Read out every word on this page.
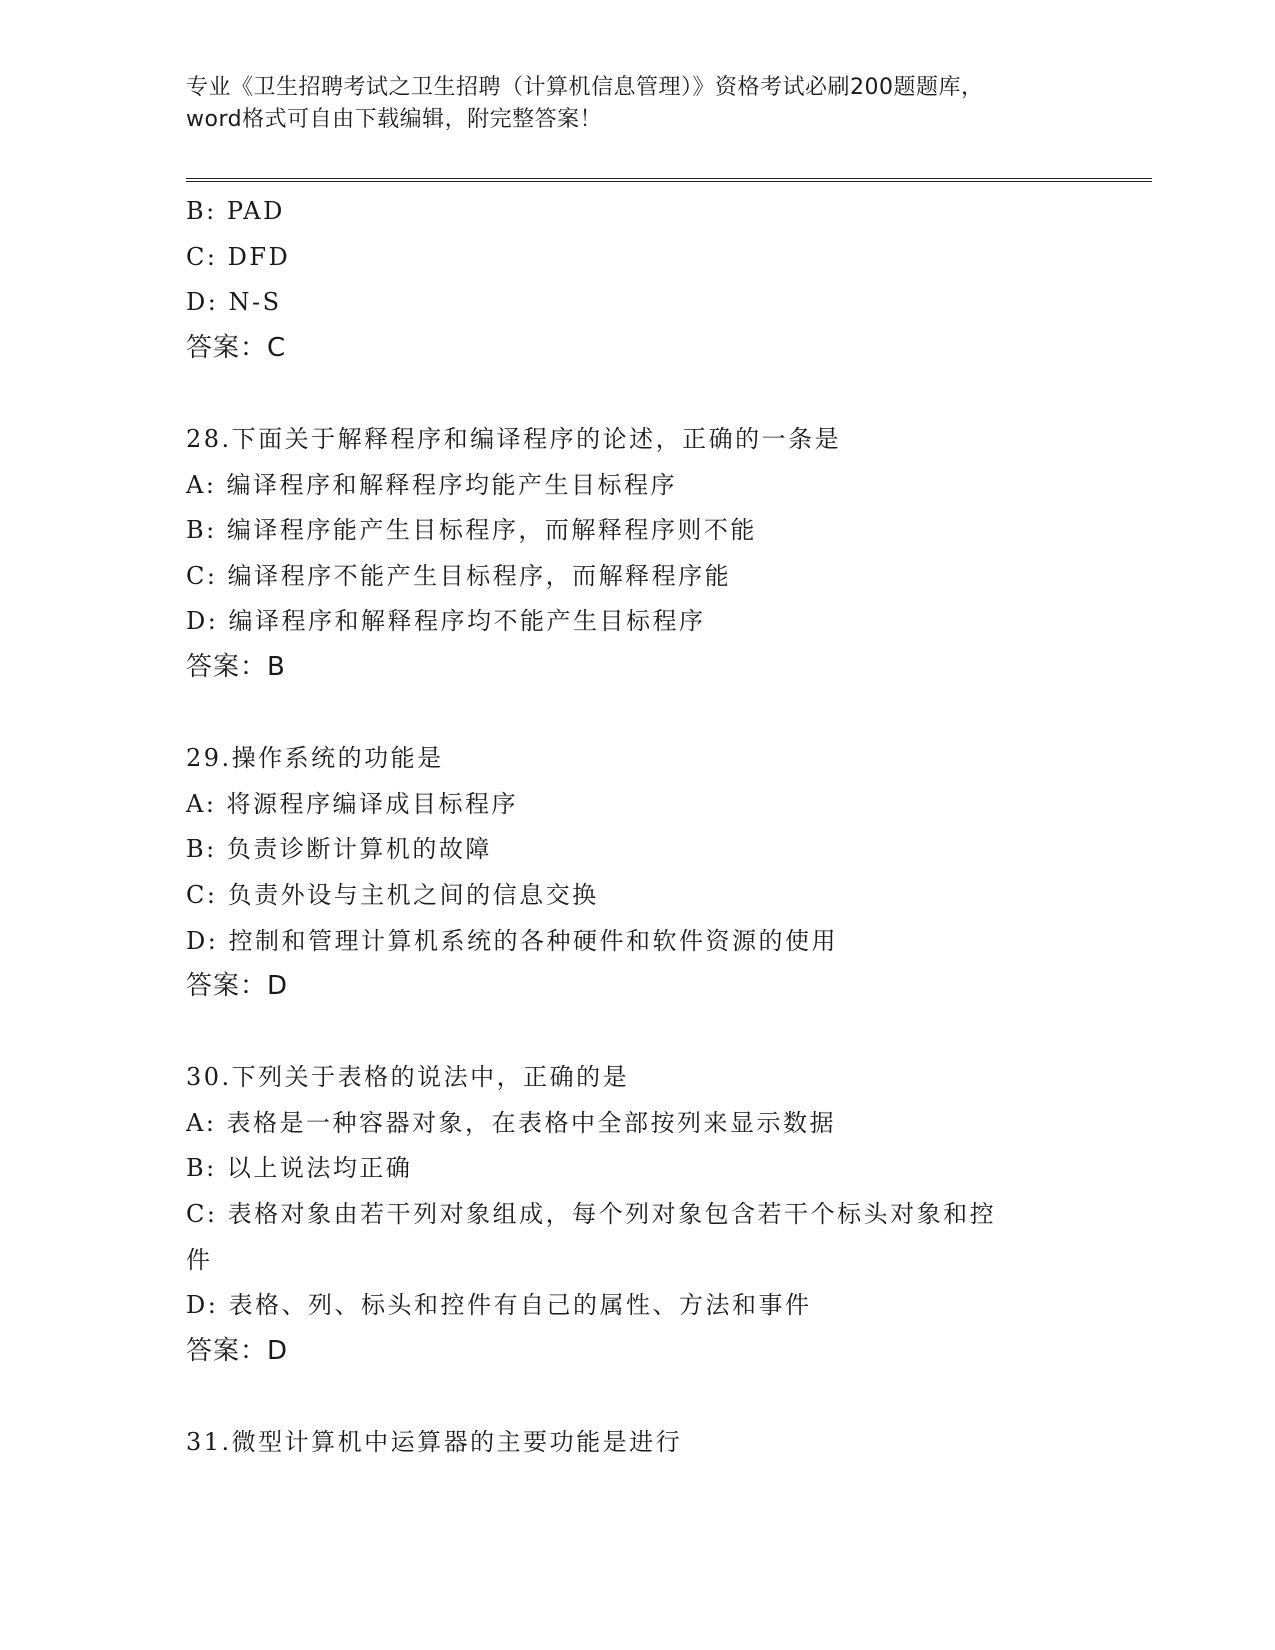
专业《卫生招聘考试之卫生招聘（计算机信息管理）》资格考试必刷200题题库，
word格式可自由下载编辑，附完整答案！
B: PAD
C: DFD
D: N-S
答案：C
28.下面关于解释程序和编译程序的论述，正确的一条是
A: 编译程序和解释程序均能产生目标程序
B: 编译程序能产生目标程序，而解释程序则不能
C: 编译程序不能产生目标程序，而解释程序能
D: 编译程序和解释程序均不能产生目标程序
答案：B
29.操作系统的功能是
A: 将源程序编译成目标程序
B: 负责诊断计算机的故障
C: 负责外设与主机之间的信息交换
D: 控制和管理计算机系统的各种硬件和软件资源的使用
答案：D
30.下列关于表格的说法中，正确的是
A: 表格是一种容器对象，在表格中全部按列来显示数据
B: 以上说法均正确
C: 表格对象由若干列对象组成，每个列对象包含若干个标头对象和控
件
D: 表格、列、标头和控件有自己的属性、方法和事件
答案：D
31.微型计算机中运算器的主要功能是进行
